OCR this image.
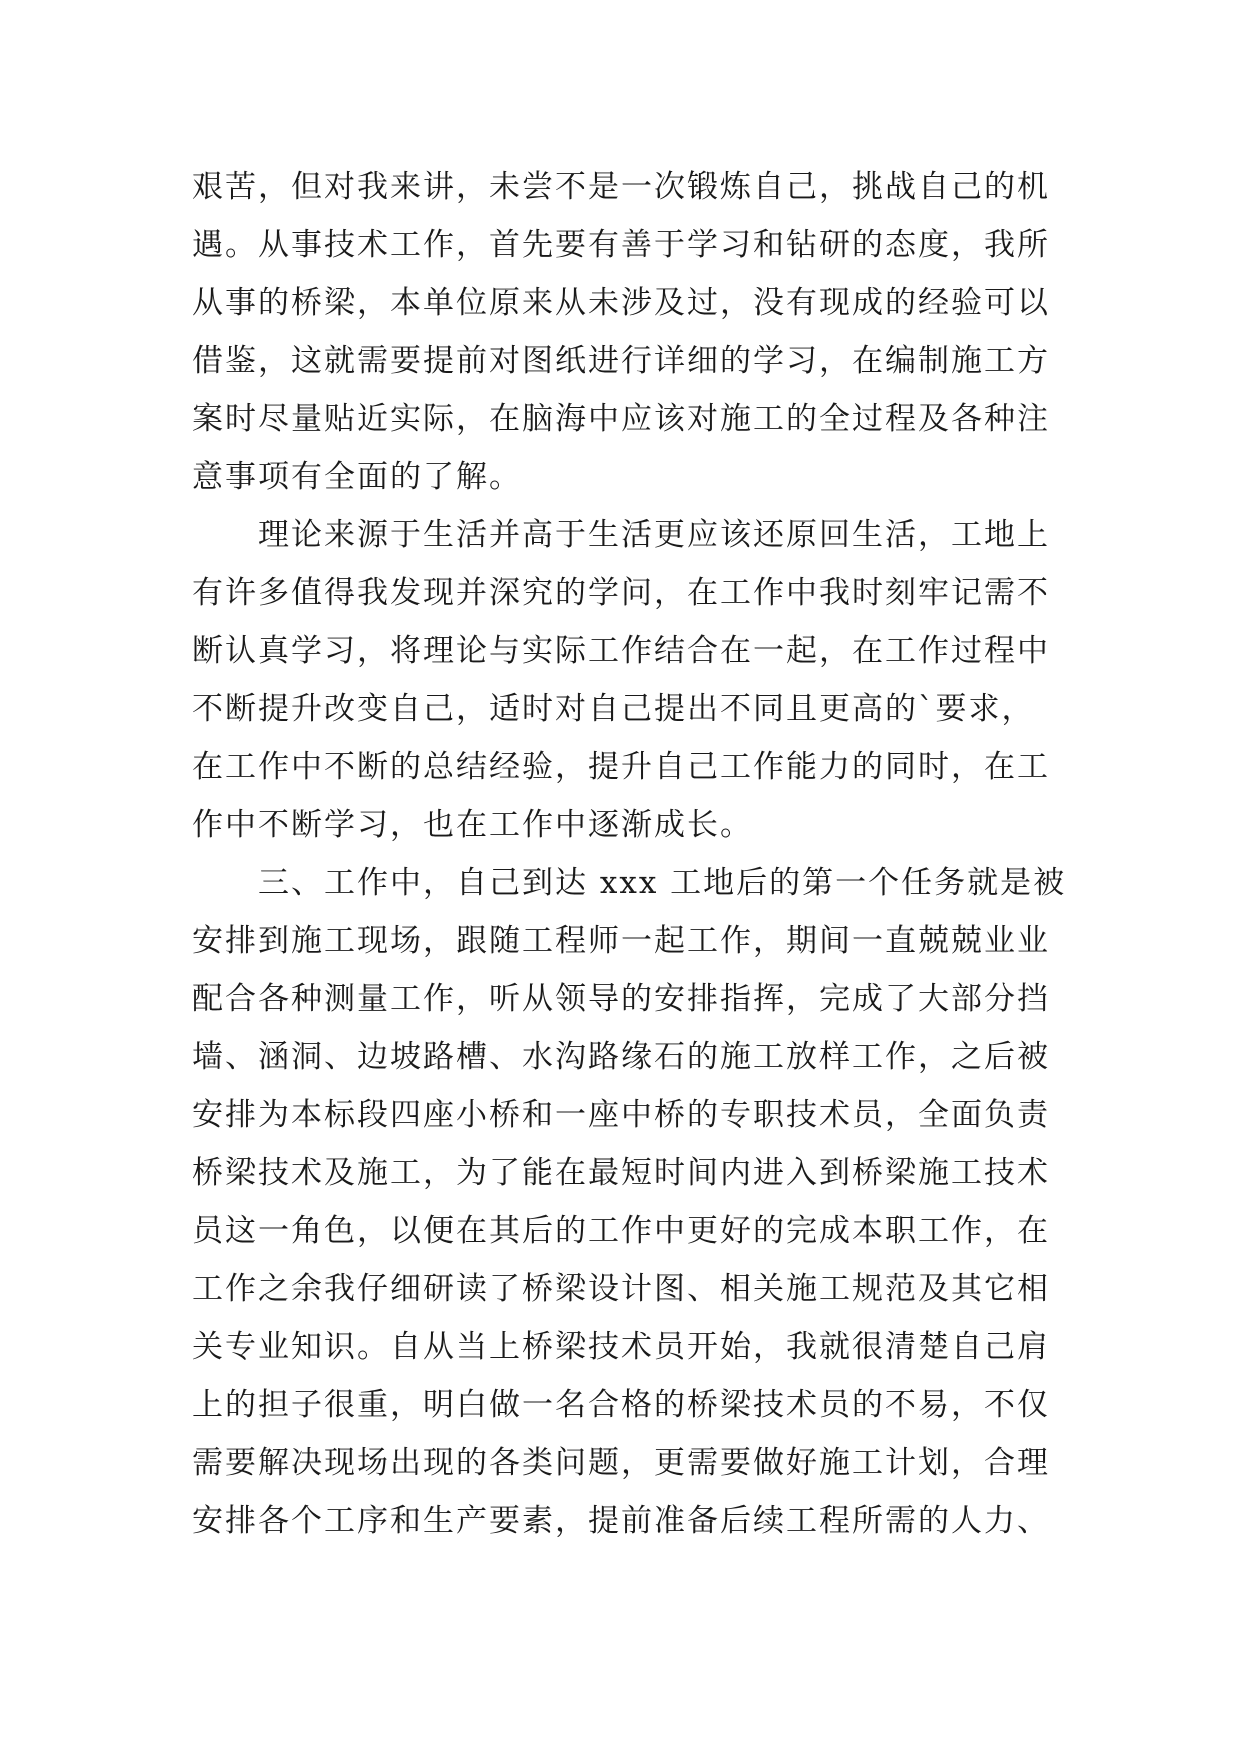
艰苦，但对我来讲，未尝不是一次锻炼自己，挑战自己的机
遇。从事技术工作，首先要有善于学习和钻研的态度，我所
从事的桥梁，本单位原来从未涉及过，没有现成的经验可以
借鉴，这就需要提前对图纸进行详细的学习，在编制施工方
案时尽量贴近实际，在脑海中应该对施工的全过程及各种注
意事项有全面的了解。
理论来源于生活并高于生活更应该还原回生活，工地上
有许多值得我发现并深究的学问，在工作中我时刻牢记需不
断认真学习，将理论与实际工作结合在一起，在工作过程中
不断提升改变自己，适时对自己提出不同且更高的`要求，
在工作中不断的总结经验，提升自己工作能力的同时，在工
作中不断学习，也在工作中逐渐成长。
三、工作中，自己到达 xxx 工地后的第一个任务就是被
安排到施工现场，跟随工程师一起工作，期间一直兢兢业业
配合各种测量工作，听从领导的安排指挥，完成了大部分挡
墙、涵洞、边坡路槽、水沟路缘石的施工放样工作，之后被
安排为本标段四座小桥和一座中桥的专职技术员，全面负责
桥梁技术及施工，为了能在最短时间内进入到桥梁施工技术
员这一角色，以便在其后的工作中更好的完成本职工作，在
工作之余我仔细研读了桥梁设计图、相关施工规范及其它相
关专业知识。自从当上桥梁技术员开始，我就很清楚自己肩
上的担子很重，明白做一名合格的桥梁技术员的不易，不仅
需要解决现场出现的各类问题，更需要做好施工计划，合理
安排各个工序和生产要素，提前准备后续工程所需的人力、
